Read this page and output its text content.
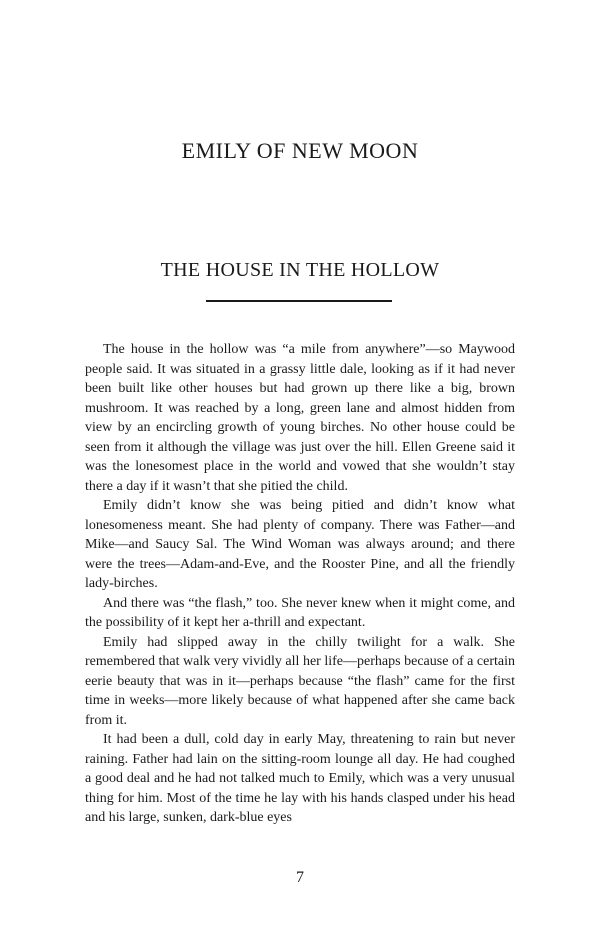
EMILY OF NEW MOON
THE HOUSE IN THE HOLLOW

The house in the hollow was “a mile from anywhere”—so Maywood people said. It was situated in a grassy little dale, looking as if it had never been built like other houses but had grown up there like a big, brown mushroom. It was reached by a long, green lane and almost hidden from view by an encircling growth of young birches. No other house could be seen from it although the village was just over the hill. Ellen Greene said it was the lonesomest place in the world and vowed that she wouldn’t stay there a day if it wasn’t that she pitied the child.

Emily didn’t know she was being pitied and didn’t know what lonesomeness meant. She had plenty of company. There was Father—and Mike—and Saucy Sal. The Wind Woman was always around; and there were the trees—Adam-and-Eve, and the Rooster Pine, and all the friendly lady-birches.

And there was “the flash,” too. She never knew when it might come, and the possibility of it kept her a-thrill and expectant.

Emily had slipped away in the chilly twilight for a walk. She remembered that walk very vividly all her life—perhaps because of a certain eerie beauty that was in it—perhaps because “the flash” came for the first time in weeks—more likely because of what happened after she came back from it.

It had been a dull, cold day in early May, threatening to rain but never raining. Father had lain on the sitting-room lounge all day. He had coughed a good deal and he had not talked much to Emily, which was a very unusual thing for him. Most of the time he lay with his hands clasped under his head and his large, sunken, dark-blue eyes

7
